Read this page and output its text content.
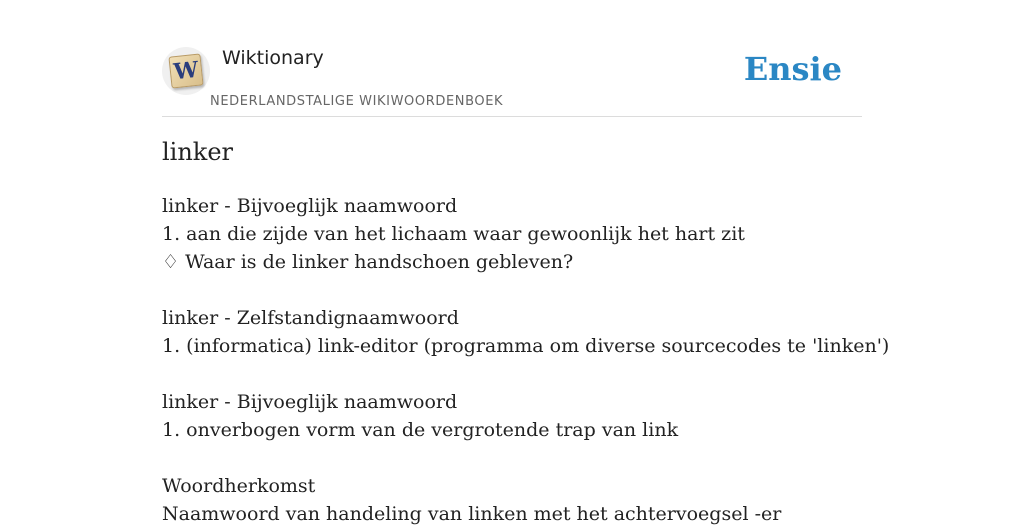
W Wiktionary
NEDERLANDSTALIGE WIKIWOORDENBOEK
Ensie
linker
linker - Bijvoeglijk naamwoord
1. aan die zijde van het lichaam waar gewoonlijk het hart zit
♢ Waar is de linker handschoen gebleven?
linker - Zelfstandignaamwoord
1. (informatica) link-editor (programma om diverse sourcecodes te 'linken')
linker - Bijvoeglijk naamwoord
1. onverbogen vorm van de vergrotende trap van link
Woordherkomst
Naamwoord van handeling van linken met het achtervoegsel -er
